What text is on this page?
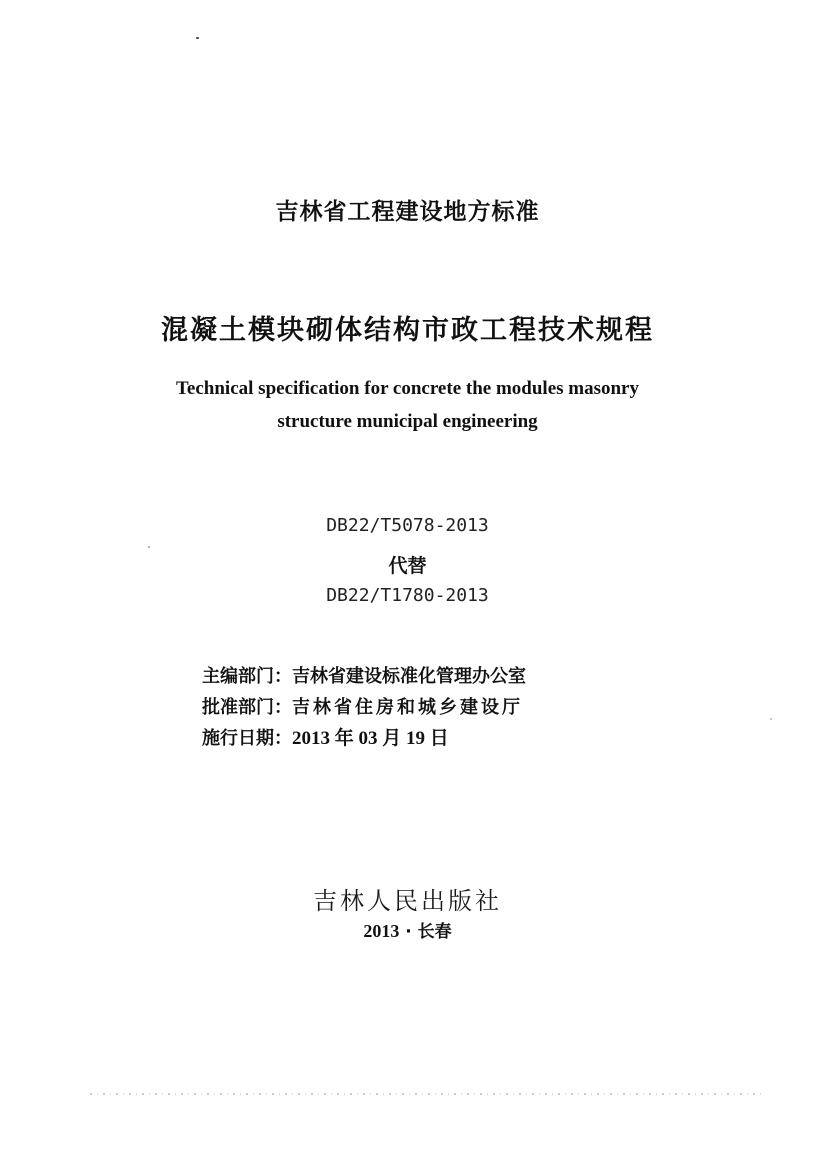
吉林省工程建设地方标准
混凝土模块砌体结构市政工程技术规程
Technical specification for concrete the modules masonry
structure municipal engineering
DB22/T5078-2013
代替
DB22/T1780-2013
主编部门：吉林省建设标准化管理办公室
批准部门：吉林省住房和城乡建设厅
施行日期：2013 年 03 月 19 日
吉林人民出版社
2013 · 长春
